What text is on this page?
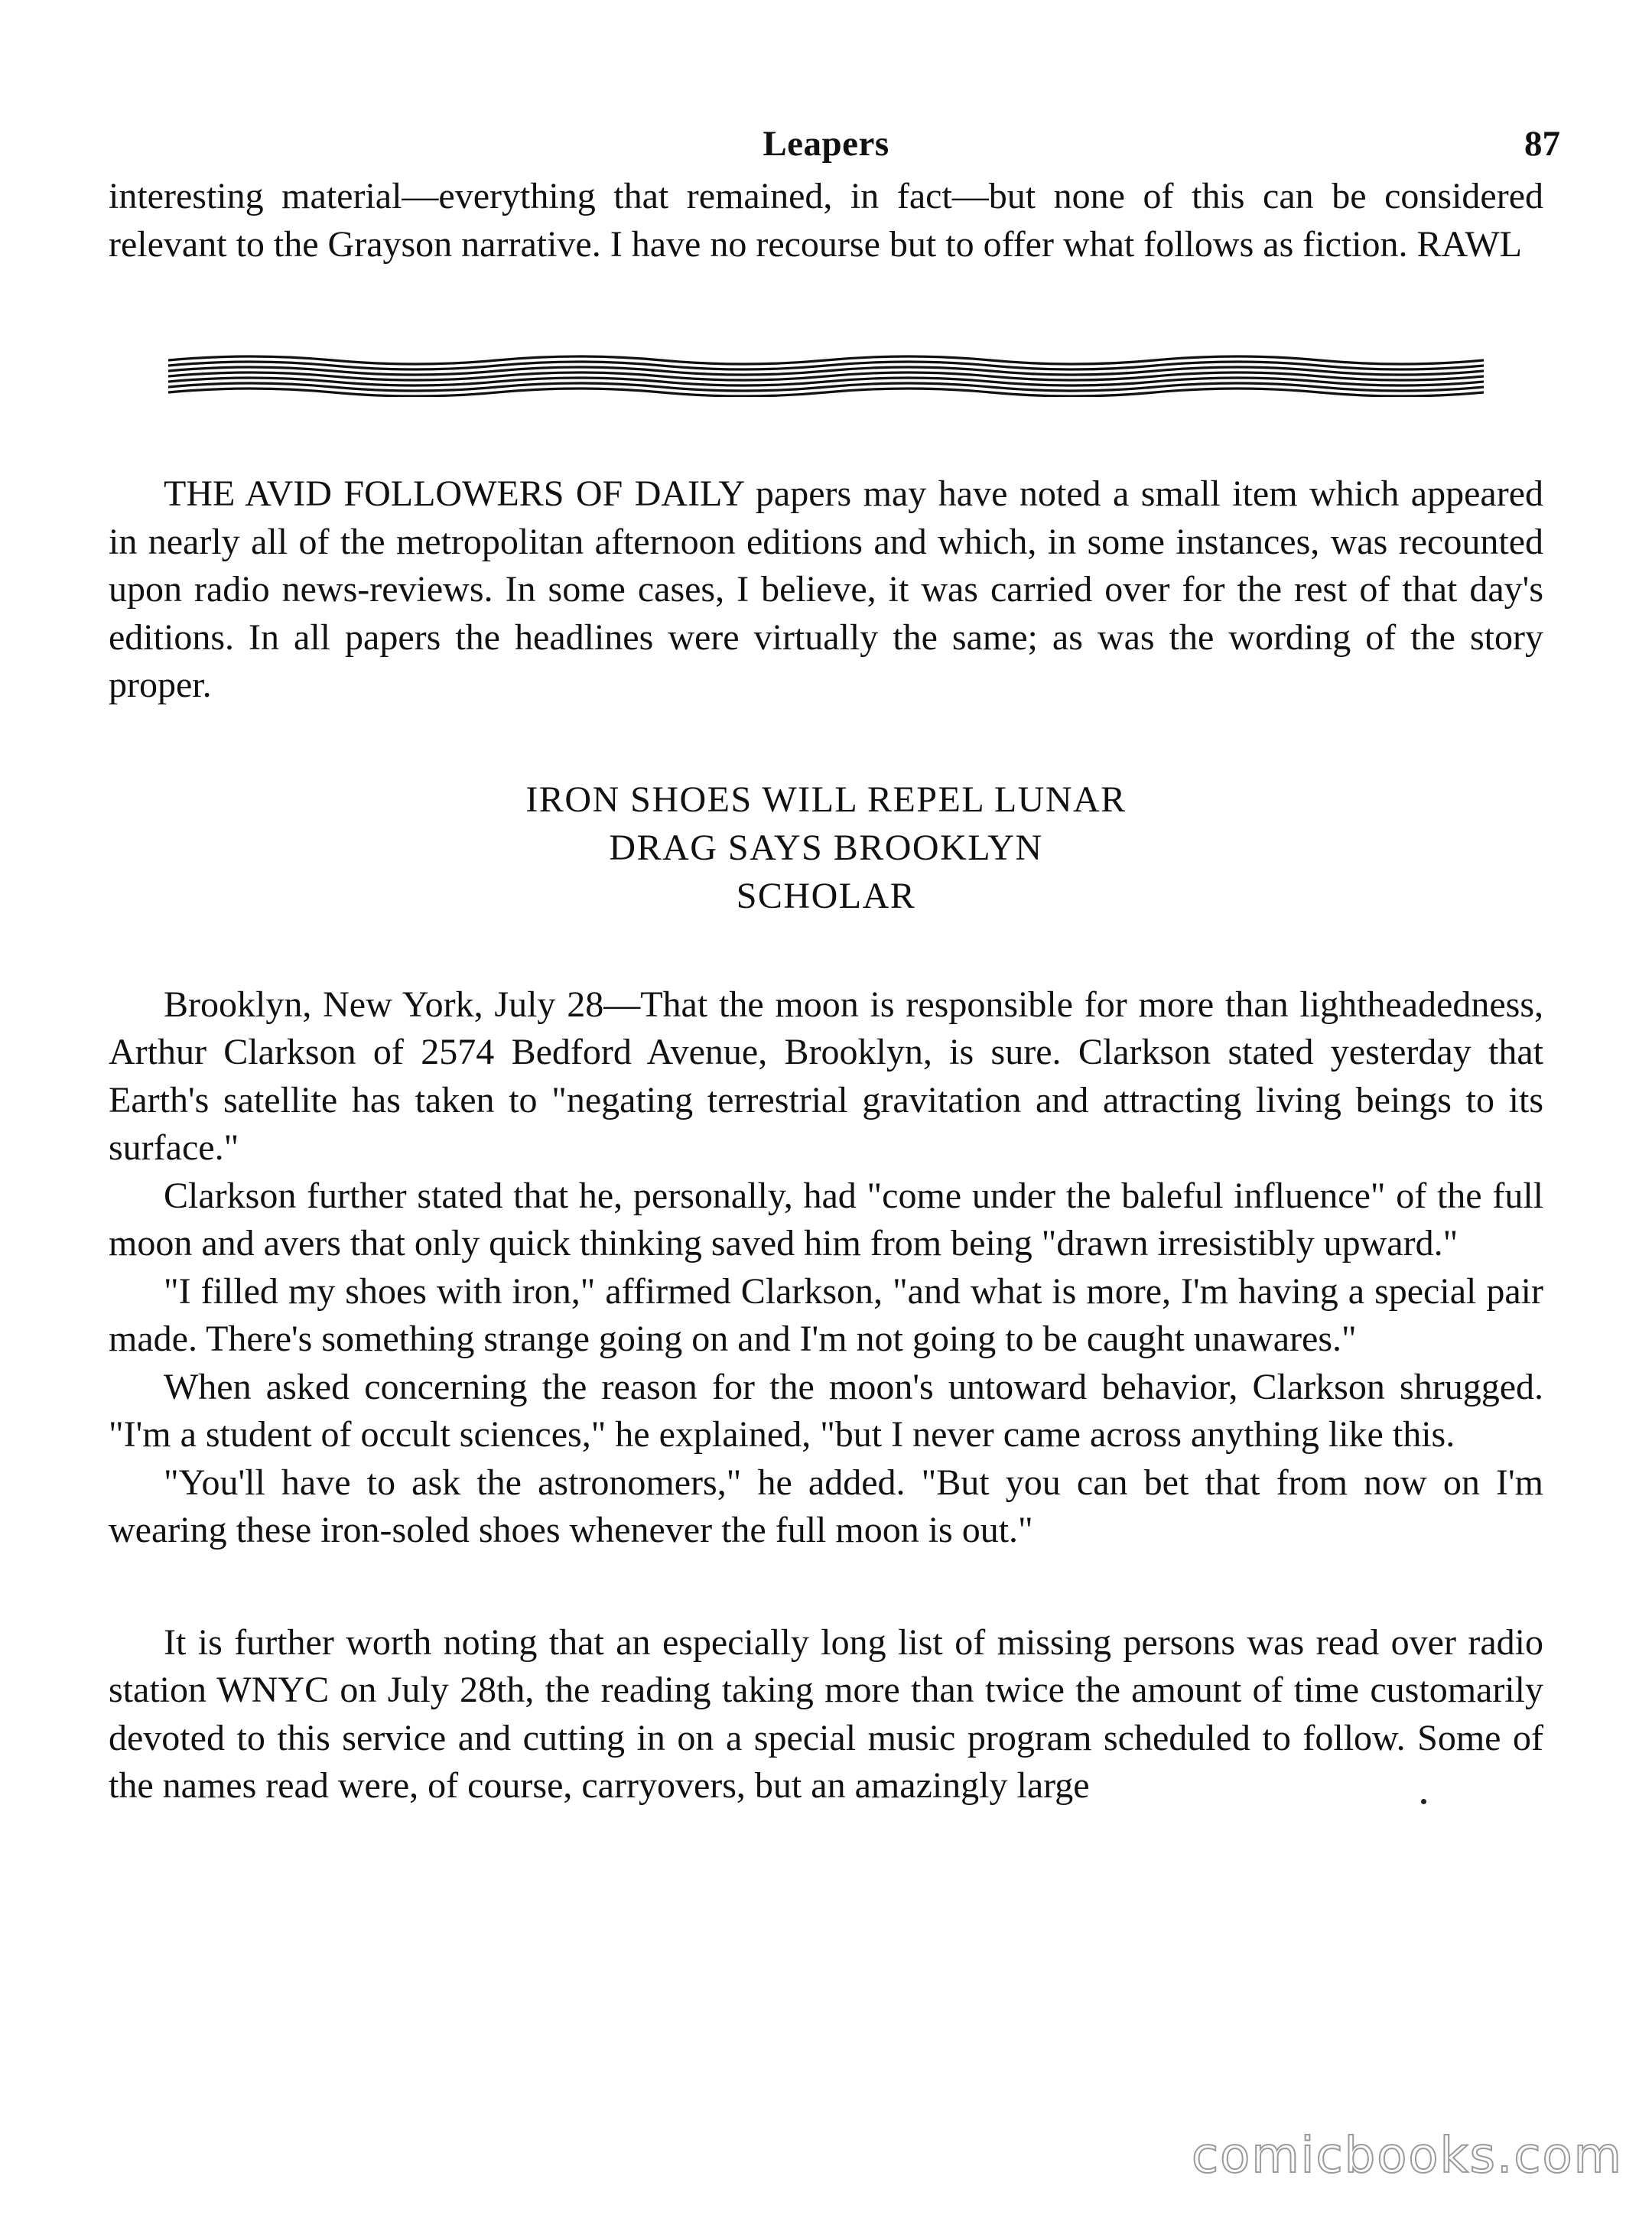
Leapers	87

interesting material—everything that remained, in fact—but none of this can be considered relevant to the Grayson narrative. I have no recourse but to offer what follows as fiction. RAWL

THE AVID FOLLOWERS OF DAILY papers may have noted a small item which appeared in nearly all of the metropolitan afternoon editions and which, in some instances, was recounted upon radio news-reviews. In some cases, I believe, it was carried over for the rest of that day's editions. In all papers the headlines were virtually the same; as was the wording of the story proper.

IRON SHOES WILL REPEL LUNAR
DRAG SAYS BROOKLYN
SCHOLAR

Brooklyn, New York, July 28—That the moon is responsible for more than lightheadedness, Arthur Clarkson of 2574 Bedford Avenue, Brooklyn, is sure. Clarkson stated yesterday that Earth's satellite has taken to "negating terrestrial gravitation and attracting living beings to its surface."

Clarkson further stated that he, personally, had "come under the baleful influence" of the full moon and avers that only quick thinking saved him from being "drawn irresistibly upward."

"I filled my shoes with iron," affirmed Clarkson, "and what is more, I'm having a special pair made. There's something strange going on and I'm not going to be caught unawares."

When asked concerning the reason for the moon's untoward behavior, Clarkson shrugged. "I'm a student of occult sciences," he explained, "but I never came across anything like this.

"You'll have to ask the astronomers," he added. "But you can bet that from now on I'm wearing these iron-soled shoes whenever the full moon is out."

It is further worth noting that an especially long list of missing persons was read over radio station WNYC on July 28th, the reading taking more than twice the amount of time customarily devoted to this service and cutting in on a special music program scheduled to follow. Some of the names read were, of course, carryovers, but an amazingly large

comicbooks.com
